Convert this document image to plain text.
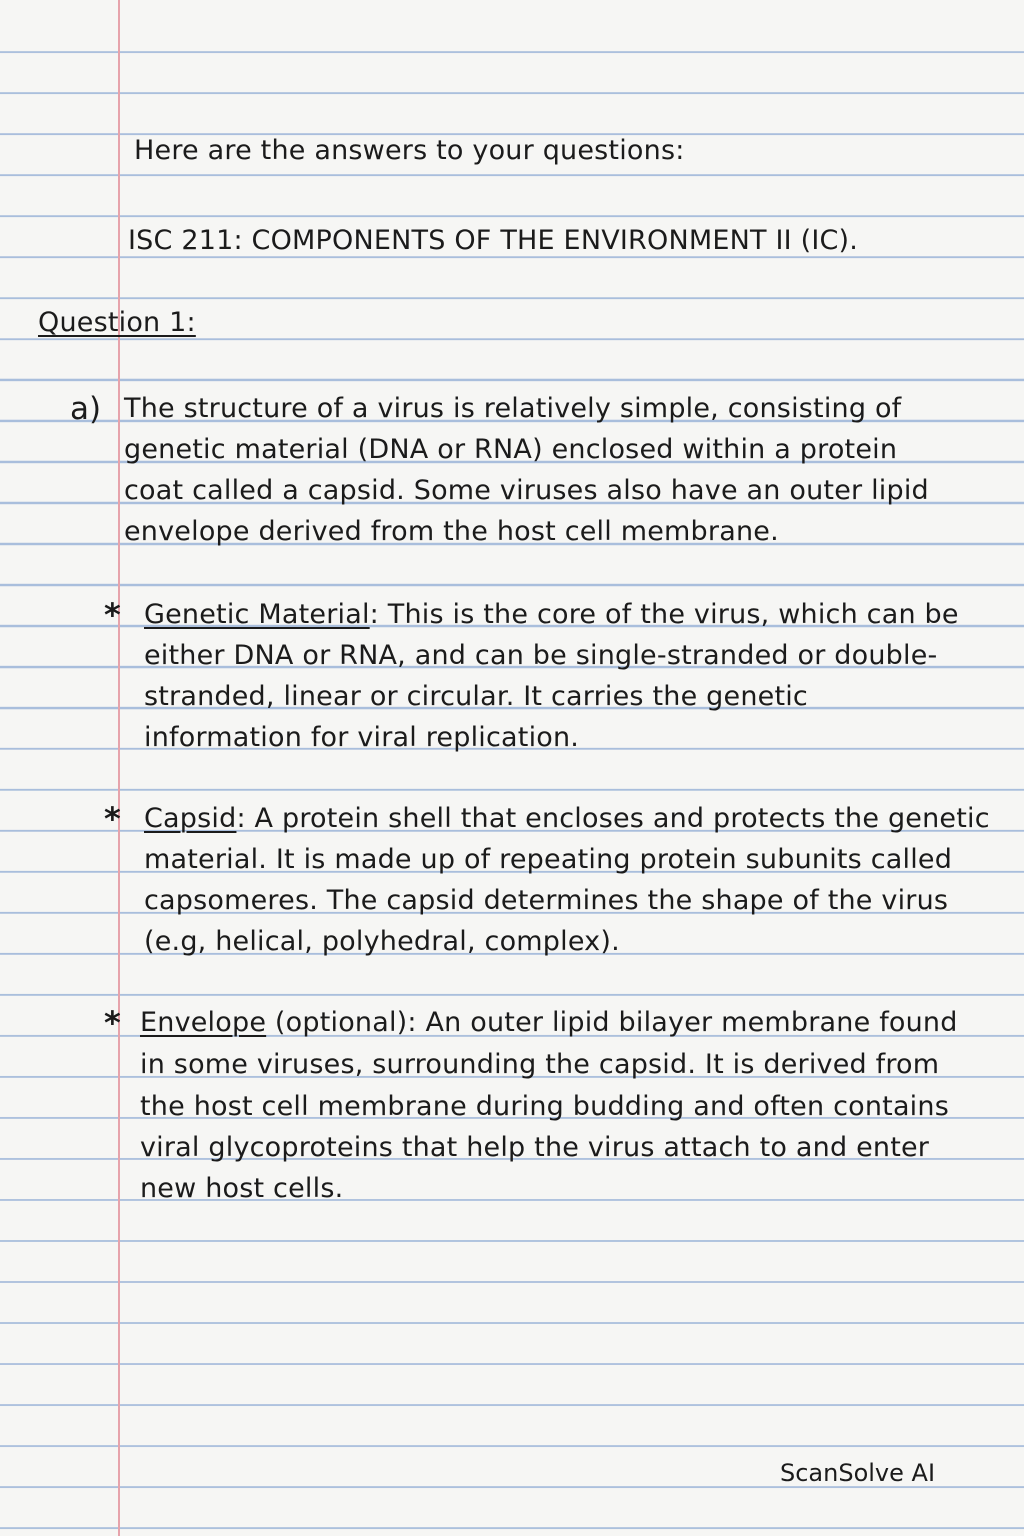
Here are the answers to your questions:
ISC 211: COMPONENTS OF THE ENVIRONMENT II (IC).
Question 1:
a) The structure of a virus is relatively simple, consisting of
genetic material (DNA or RNA) enclosed within a protein
coat called a capsid. Some viruses also have an outer lipid
envelope derived from the host cell membrane.
* Genetic Material: This is the core of the virus, which can be
either DNA or RNA, and can be single-stranded or double-
stranded, linear or circular. It carries the genetic
information for viral replication.
* Capsid: A protein shell that encloses and protects the genetic
material. It is made up of repeating protein subunits called
capsomeres. The capsid determines the shape of the virus
(e.g, helical, polyhedral, complex).
* Envelope (optional): An outer lipid bilayer membrane found
in some viruses, surrounding the capsid. It is derived from
the host cell membrane during budding and often contains
viral glycoproteins that help the virus attach to and enter
new host cells.
ScanSolve AI
